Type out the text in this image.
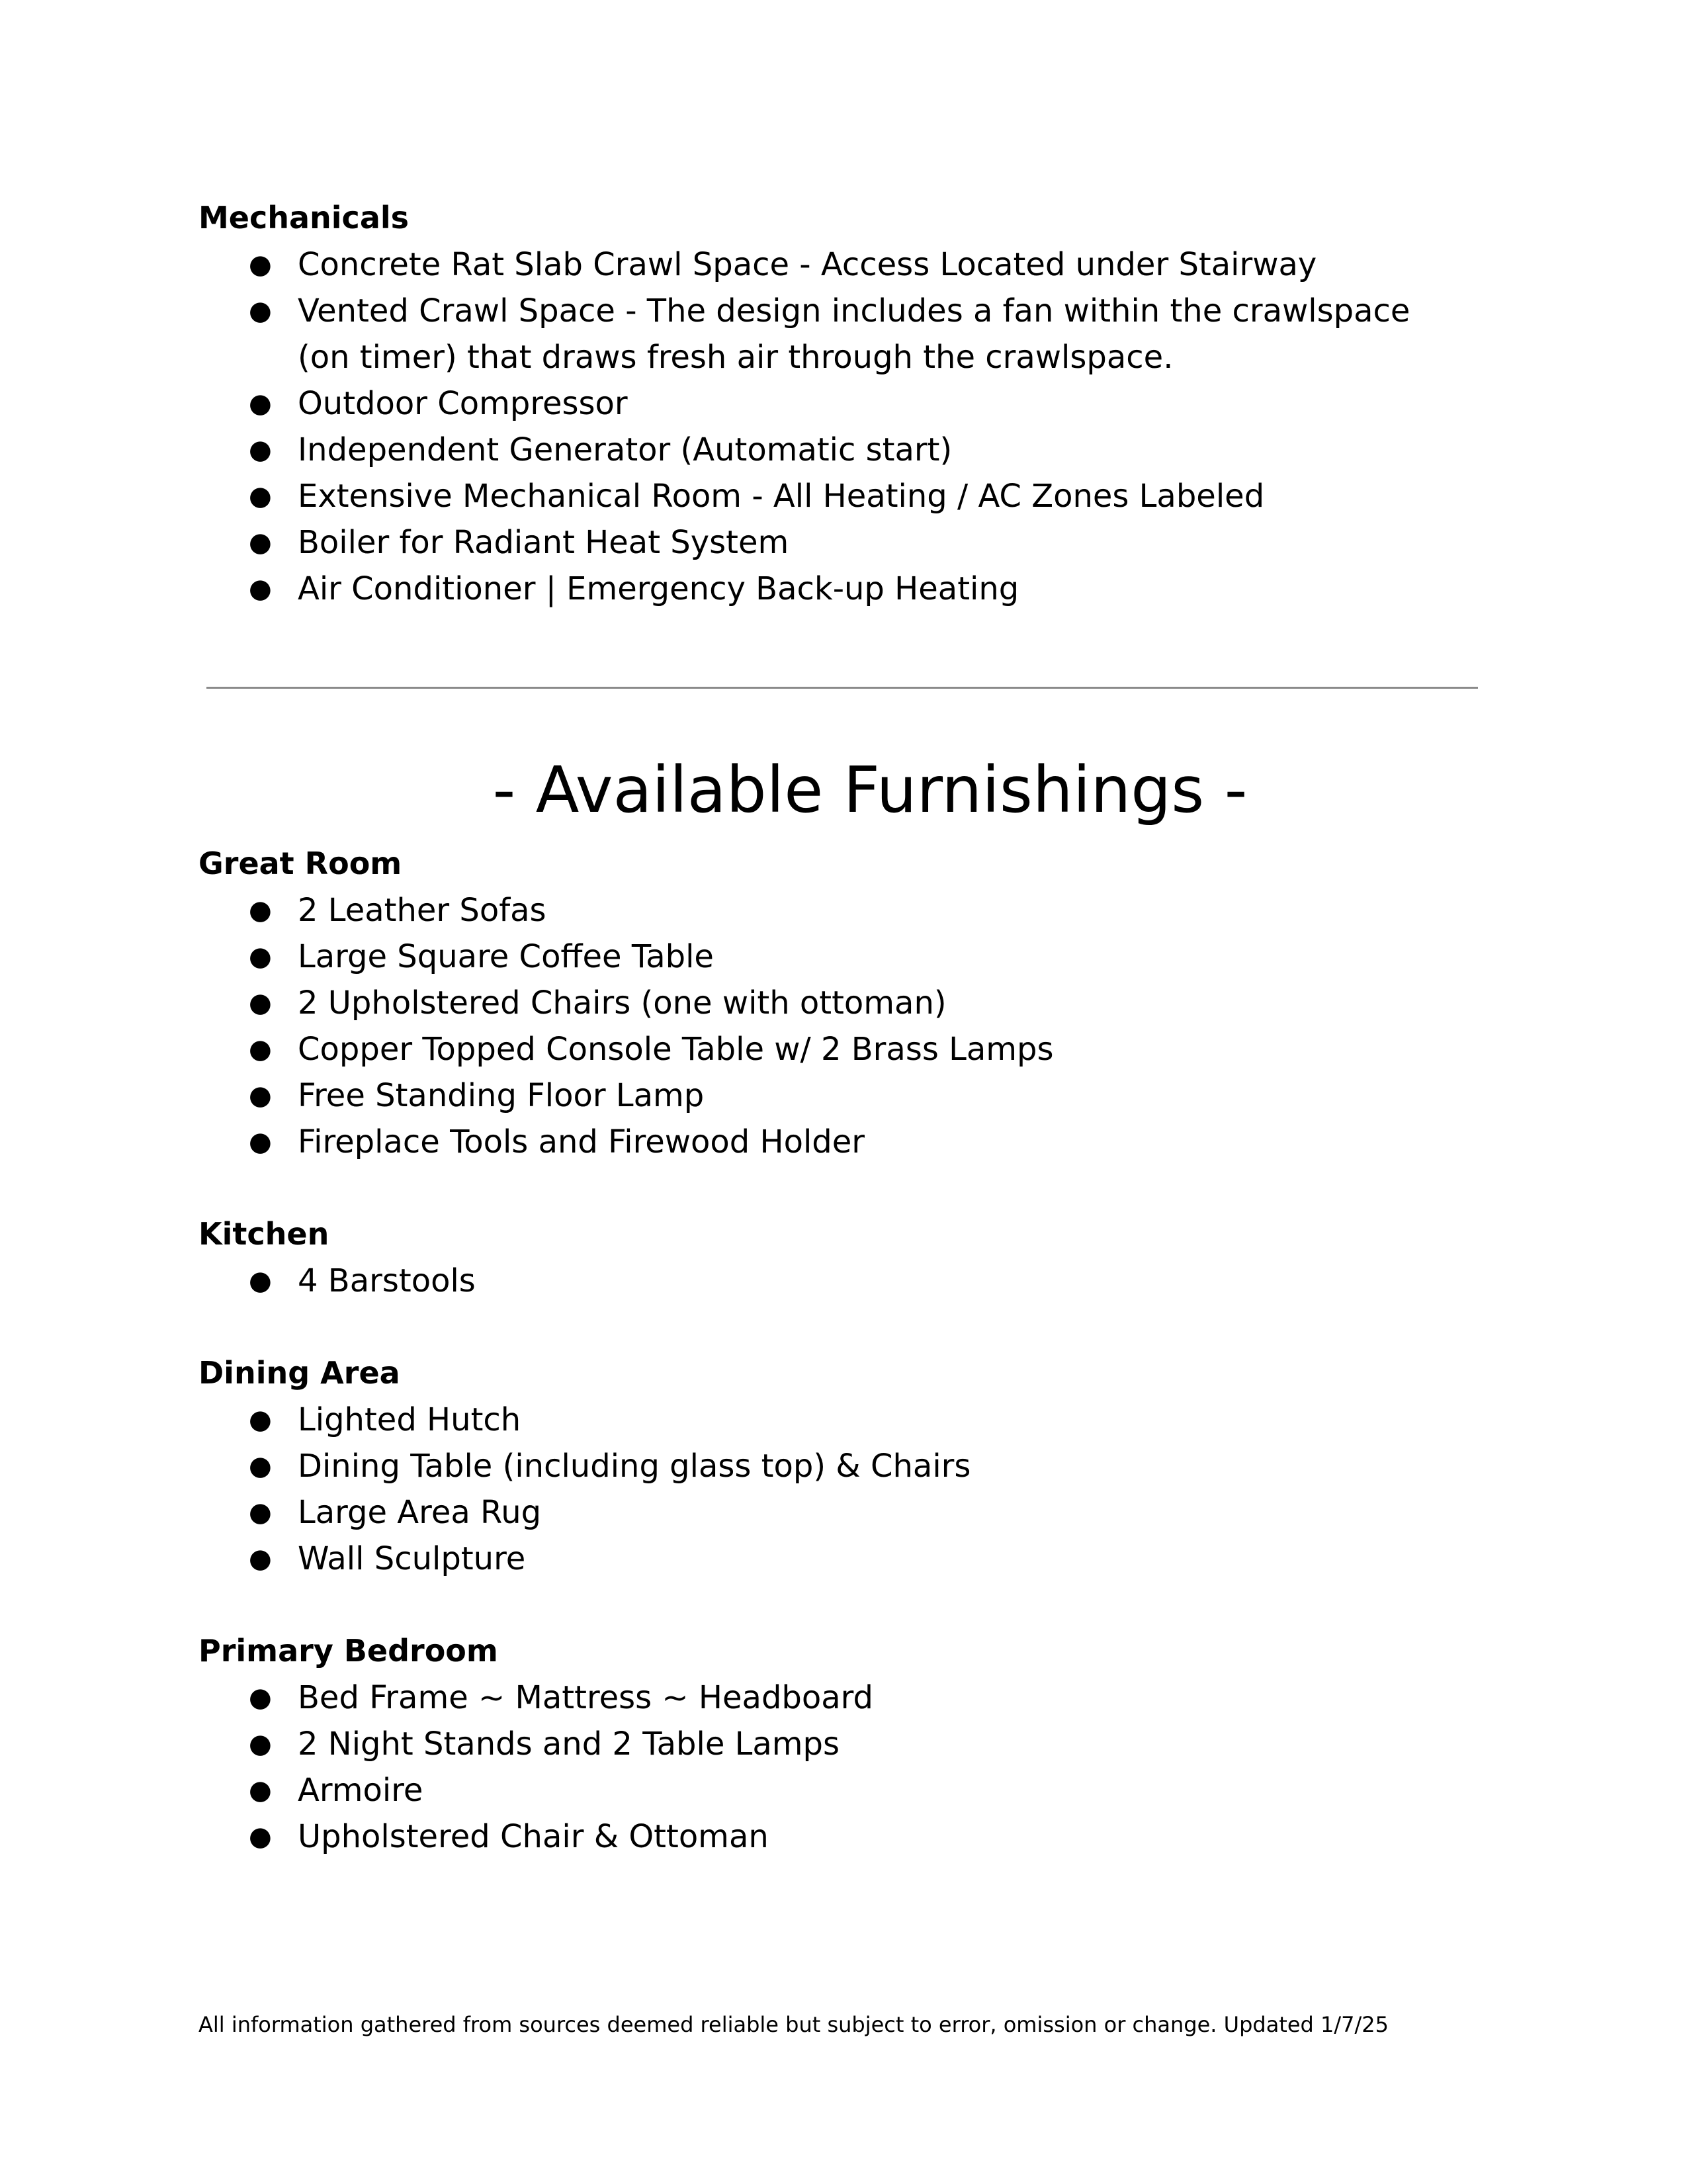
Mechanicals
● Concrete Rat Slab Crawl Space - Access Located under Stairway
● Vented Crawl Space - The design includes a fan within the crawlspace
(on timer) that draws fresh air through the crawlspace.
● Outdoor Compressor
● Independent Generator (Automatic start)
● Extensive Mechanical Room - All Heating / AC Zones Labeled
● Boiler for Radiant Heat System
● Air Conditioner | Emergency Back-up Heating
- Available Furnishings -
Great Room
● 2 Leather Sofas
● Large Square Coffee Table
● 2 Upholstered Chairs (one with ottoman)
● Copper Topped Console Table w/ 2 Brass Lamps
● Free Standing Floor Lamp
● Fireplace Tools and Firewood Holder
Kitchen
● 4 Barstools
Dining Area
● Lighted Hutch
● Dining Table (including glass top) & Chairs
● Large Area Rug
● Wall Sculpture
Primary Bedroom
● Bed Frame ~ Mattress ~ Headboard
● 2 Night Stands and 2 Table Lamps
● Armoire
● Upholstered Chair & Ottoman
All information gathered from sources deemed reliable but subject to error, omission or change. Updated 1/7/25
